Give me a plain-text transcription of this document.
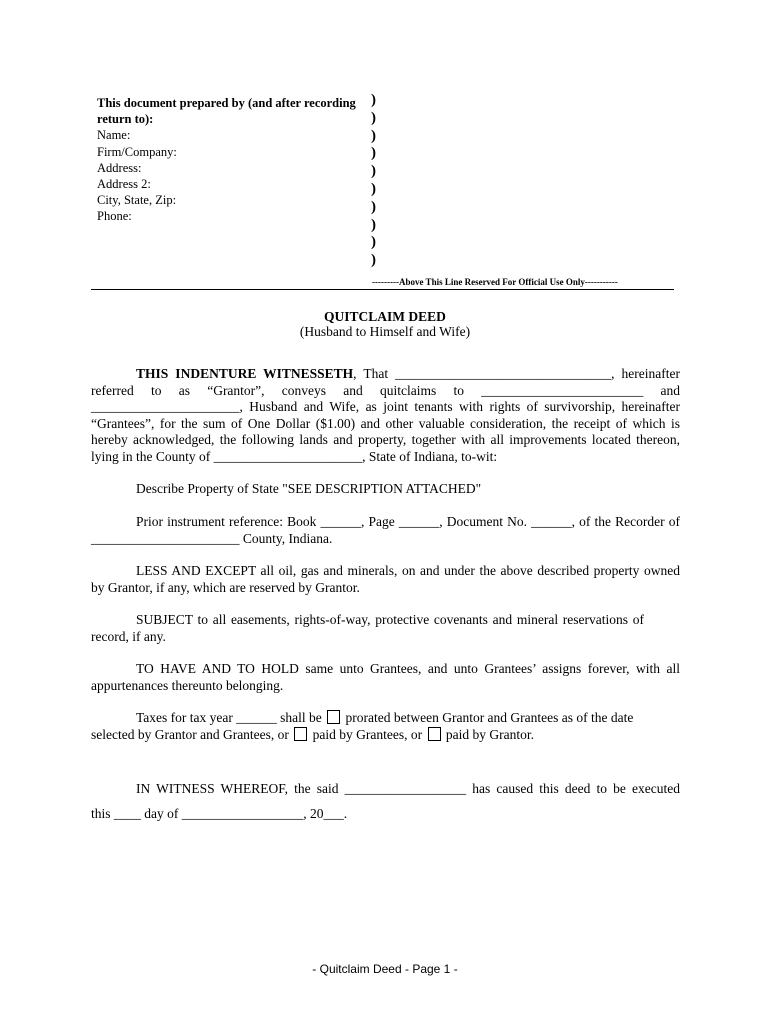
This document prepared by (and after recording
return to):
Name:
Firm/Company:
Address:
Address 2:
City, State, Zip:
Phone:
)
)
)
)
)
)
)
)
)
)
---------Above This Line Reserved For Official Use Only-----------
QUITCLAIM DEED
(Husband to Himself and Wife)
THIS INDENTURE WITNESSETH, That ________________________________, hereinafter
referred to as “Grantor”, conveys and quitclaims to ________________________ and
______________________, Husband and Wife, as joint tenants with rights of survivorship, hereinafter
“Grantees”, for the sum of One Dollar ($1.00) and other valuable consideration, the receipt of which is
hereby acknowledged, the following lands and property, together with all improvements located thereon,
lying in the County of ______________________, State of Indiana, to-wit:
Describe Property of State "SEE DESCRIPTION ATTACHED"
Prior instrument reference: Book ______, Page ______, Document No. ______, of the Recorder of
______________________ County, Indiana.
LESS AND EXCEPT all oil, gas and minerals, on and under the above described property owned
by Grantor, if any, which are reserved by Grantor.
SUBJECT to all easements, rights-of-way, protective covenants and mineral reservations of
record, if any.
TO HAVE AND TO HOLD same unto Grantees, and unto Grantees’ assigns forever, with all
appurtenances thereunto belonging.
Taxes for tax year ______ shall be prorated between Grantor and Grantees as of the date
selected by Grantor and Grantees, or paid by Grantees, or paid by Grantor.
IN WITNESS WHEREOF, the said __________________ has caused this deed to be executed
this ____ day of __________________, 20___.
- Quitclaim Deed - Page 1 -
